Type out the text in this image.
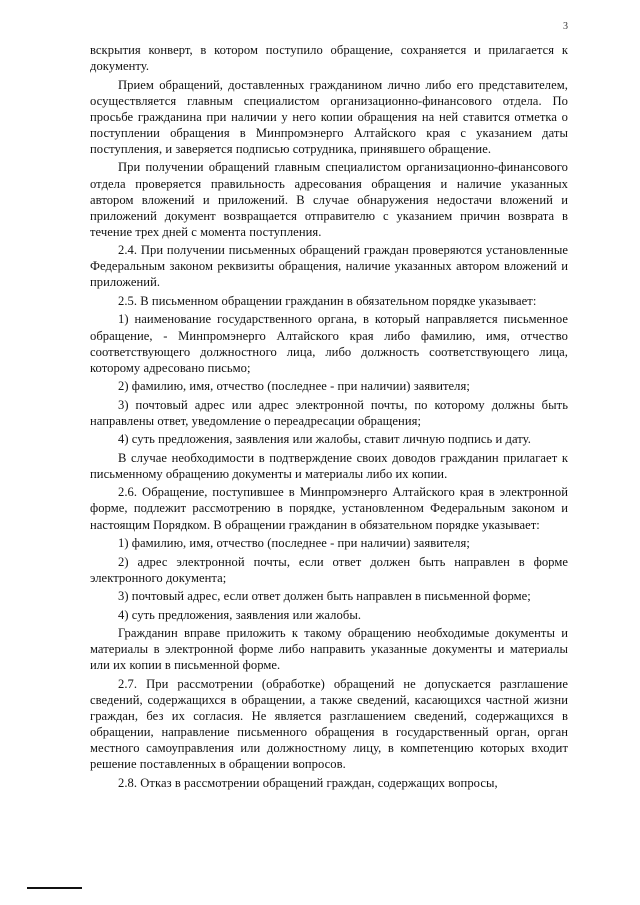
3

вскрытия конверт, в котором поступило обращение, сохраняется и прилагается к документу.

Прием обращений, доставленных гражданином лично либо его представителем, осуществляется главным специалистом организационно-финансового отдела. По просьбе гражданина при наличии у него копии обращения на ней ставится отметка о поступлении обращения в Минпромэнерго Алтайского края с указанием даты поступления, и заверяется подписью сотрудника, принявшего обращение.

При получении обращений главным специалистом организационно-финансового отдела проверяется правильность адресования обращения и наличие указанных автором вложений и приложений. В случае обнаружения недостачи вложений и приложений документ возвращается отправителю с указанием причин возврата в течение трех дней с момента поступления.

2.4. При получении письменных обращений граждан проверяются установленные Федеральным законом реквизиты обращения, наличие указанных автором вложений и приложений.

2.5. В письменном обращении гражданин в обязательном порядке указывает:

1) наименование государственного органа, в который направляется письменное обращение, - Минпромэнерго Алтайского края либо фамилию, имя, отчество соответствующего должностного лица, либо должность соответствующего лица, которому адресовано письмо;

2) фамилию, имя, отчество (последнее - при наличии) заявителя;

3) почтовый адрес или адрес электронной почты, по которому должны быть направлены ответ, уведомление о переадресации обращения;

4) суть предложения, заявления или жалобы, ставит личную подпись и дату.

В случае необходимости в подтверждение своих доводов гражданин прилагает к письменному обращению документы и материалы либо их копии.

2.6. Обращение, поступившее в Минпромэнерго Алтайского края в электронной форме, подлежит рассмотрению в порядке, установленном Федеральным законом и настоящим Порядком. В обращении гражданин в обязательном порядке указывает:

1) фамилию, имя, отчество (последнее - при наличии) заявителя;

2) адрес электронной почты, если ответ должен быть направлен в форме электронного документа;

3) почтовый адрес, если ответ должен быть направлен в письменной форме;

4) суть предложения, заявления или жалобы.

Гражданин вправе приложить к такому обращению необходимые документы и материалы в электронной форме либо направить указанные документы и материалы или их копии в письменной форме.

2.7. При рассмотрении (обработке) обращений не допускается разглашение сведений, содержащихся в обращении, а также сведений, касающихся частной жизни граждан, без их согласия. Не является разглашением сведений, содержащихся в обращении, направление письменного обращения в государственный орган, орган местного самоуправления или должностному лицу, в компетенцию которых входит решение поставленных в обращении вопросов.

2.8. Отказ в рассмотрении обращений граждан, содержащих вопросы,
